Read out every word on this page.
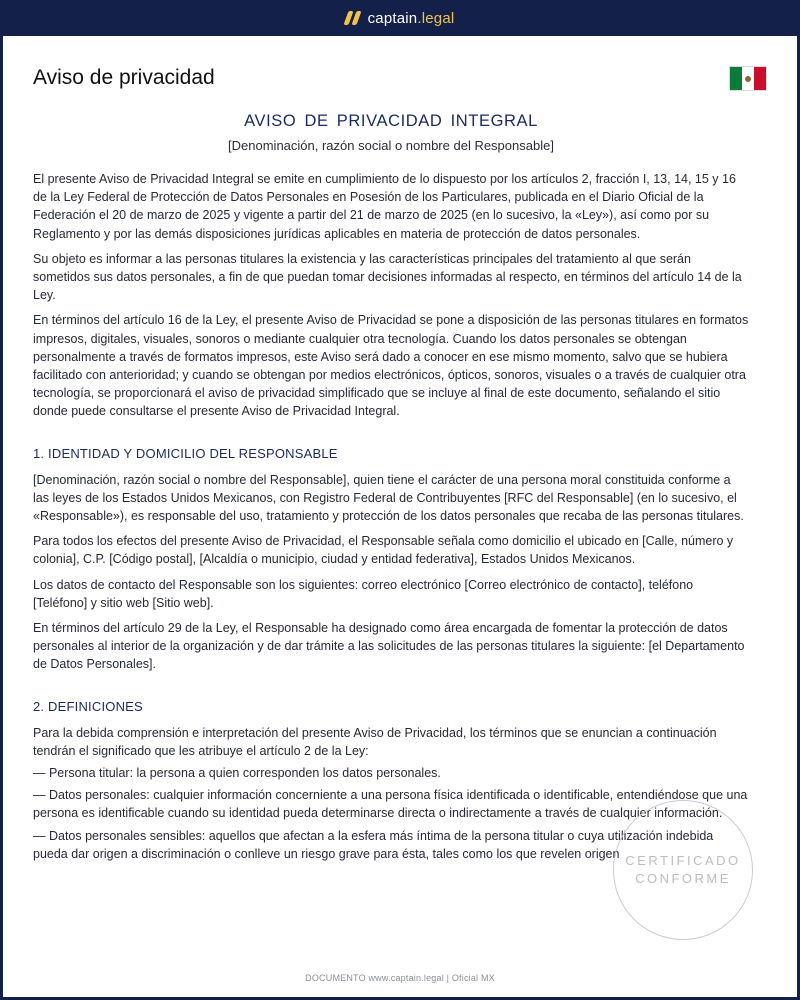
captain.legal
Aviso de privacidad
AVISO DE PRIVACIDAD INTEGRAL
[Denominación, razón social o nombre del Responsable]

El presente Aviso de Privacidad Integral se emite en cumplimiento de lo dispuesto por los artículos 2, fracción I, 13, 14, 15 y 16 de la Ley Federal de Protección de Datos Personales en Posesión de los Particulares, publicada en el Diario Oficial de la Federación el 20 de marzo de 2025 y vigente a partir del 21 de marzo de 2025 (en lo sucesivo, la «Ley»), así como por su Reglamento y por las demás disposiciones jurídicas aplicables en materia de protección de datos personales.

Su objeto es informar a las personas titulares la existencia y las características principales del tratamiento al que serán sometidos sus datos personales, a fin de que puedan tomar decisiones informadas al respecto, en términos del artículo 14 de la Ley.

En términos del artículo 16 de la Ley, el presente Aviso de Privacidad se pone a disposición de las personas titulares en formatos impresos, digitales, visuales, sonoros o mediante cualquier otra tecnología. Cuando los datos personales se obtengan personalmente a través de formatos impresos, este Aviso será dado a conocer en ese mismo momento, salvo que se hubiera facilitado con anterioridad; y cuando se obtengan por medios electrónicos, ópticos, sonoros, visuales o a través de cualquier otra tecnología, se proporcionará el aviso de privacidad simplificado que se incluye al final de este documento, señalando el sitio donde puede consultarse el presente Aviso de Privacidad Integral.

1. IDENTIDAD Y DOMICILIO DEL RESPONSABLE

[Denominación, razón social o nombre del Responsable], quien tiene el carácter de una persona moral constituida conforme a las leyes de los Estados Unidos Mexicanos, con Registro Federal de Contribuyentes [RFC del Responsable] (en lo sucesivo, el «Responsable»), es responsable del uso, tratamiento y protección de los datos personales que recaba de las personas titulares.

Para todos los efectos del presente Aviso de Privacidad, el Responsable señala como domicilio el ubicado en [Calle, número y colonia], C.P. [Código postal], [Alcaldía o municipio, ciudad y entidad federativa], Estados Unidos Mexicanos.

Los datos de contacto del Responsable son los siguientes: correo electrónico [Correo electrónico de contacto], teléfono [Teléfono] y sitio web [Sitio web].

En términos del artículo 29 de la Ley, el Responsable ha designado como área encargada de fomentar la protección de datos personales al interior de la organización y de dar trámite a las solicitudes de las personas titulares la siguiente: [el Departamento de Datos Personales].

2. DEFINICIONES

Para la debida comprensión e interpretación del presente Aviso de Privacidad, los términos que se enuncian a continuación tendrán el significado que les atribuye el artículo 2 de la Ley:

— Persona titular: la persona a quien corresponden los datos personales.

— Datos personales: cualquier información concerniente a una persona física identificada o identificable, entendiéndose que una persona es identificable cuando su identidad pueda determinarse directa o indirectamente a través de cualquier información.

— Datos personales sensibles: aquellos que afectan a la esfera más íntima de la persona titular o cuya utilización indebida pueda dar origen a discriminación o conlleve un riesgo grave para ésta, tales como los que revelen origen CERTIFICADO
CONFORME
DOCUMENTO www.captain.legal | Oficial MX
